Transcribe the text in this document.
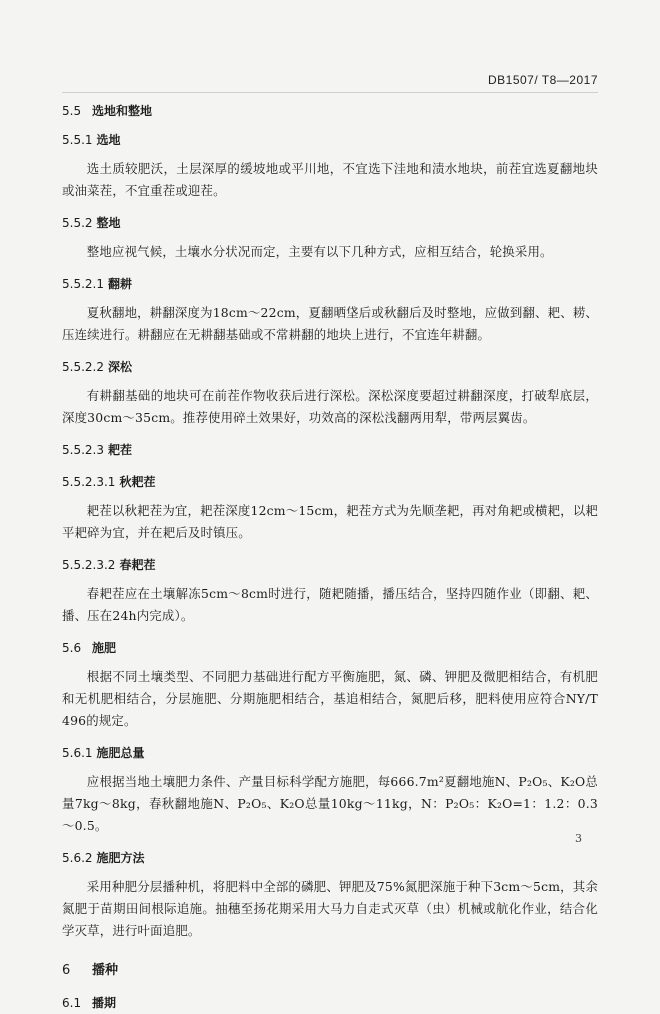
DB1507/ T8—2017
5.5 选地和整地
5.5.1 选地

选土质较肥沃，土层深厚的缓坡地或平川地，不宜选下洼地和渍水地块，前茬宜选夏翻地块或油菜茬，不宜重茬或迎茬。

5.5.2 整地

整地应视气候，土壤水分状况而定，主要有以下几种方式，应相互结合，轮换采用。

5.5.2.1 翻耕

夏秋翻地，耕翻深度为18cm～22cm，夏翻晒垡后或秋翻后及时整地，应做到翻、耙、耢、压连续进行。耕翻应在无耕翻基础或不常耕翻的地块上进行，不宜连年耕翻。

5.5.2.2 深松

有耕翻基础的地块可在前茬作物收获后进行深松。深松深度要超过耕翻深度，打破犁底层，深度30cm～35cm。推荐使用碎土效果好，功效高的深松浅翻两用犁，带两层翼齿。

5.5.2.3 耙茬
5.5.2.3.1 秋耙茬

耙茬以秋耙茬为宜，耙茬深度12cm～15cm，耙茬方式为先顺垄耙，再对角耙或横耙，以耙平耙碎为宜，并在耙后及时镇压。

5.5.2.3.2 春耙茬

春耙茬应在土壤解冻5cm～8cm时进行，随耙随播，播压结合，坚持四随作业（即翻、耙、播、压在24h内完成）。

5.6 施肥

根据不同土壤类型、不同肥力基础进行配方平衡施肥，氮、磷、钾肥及微肥相结合，有机肥和无机肥相结合，分层施肥、分期施肥相结合，基追相结合，氮肥后移，肥料使用应符合NY/T 496的规定。

5.6.1 施肥总量

应根据当地土壤肥力条件、产量目标科学配方施肥，每666.7m²夏翻地施N、P₂O₅、K₂O总量7kg～8kg，春秋翻地施N、P₂O₅、K₂O总量10kg～11kg，N：P₂O₅：K₂O=1：1.2：0.3～0.5。

5.6.2 施肥方法

采用种肥分层播种机，将肥料中全部的磷肥、钾肥及75%氮肥深施于种下3cm～5cm，其余氮肥于苗期田间根际追施。抽穗至扬花期采用大马力自走式灭草（虫）机械或航化作业，结合化学灭草，进行叶面追肥。

6 播种
6.1 播期
3
